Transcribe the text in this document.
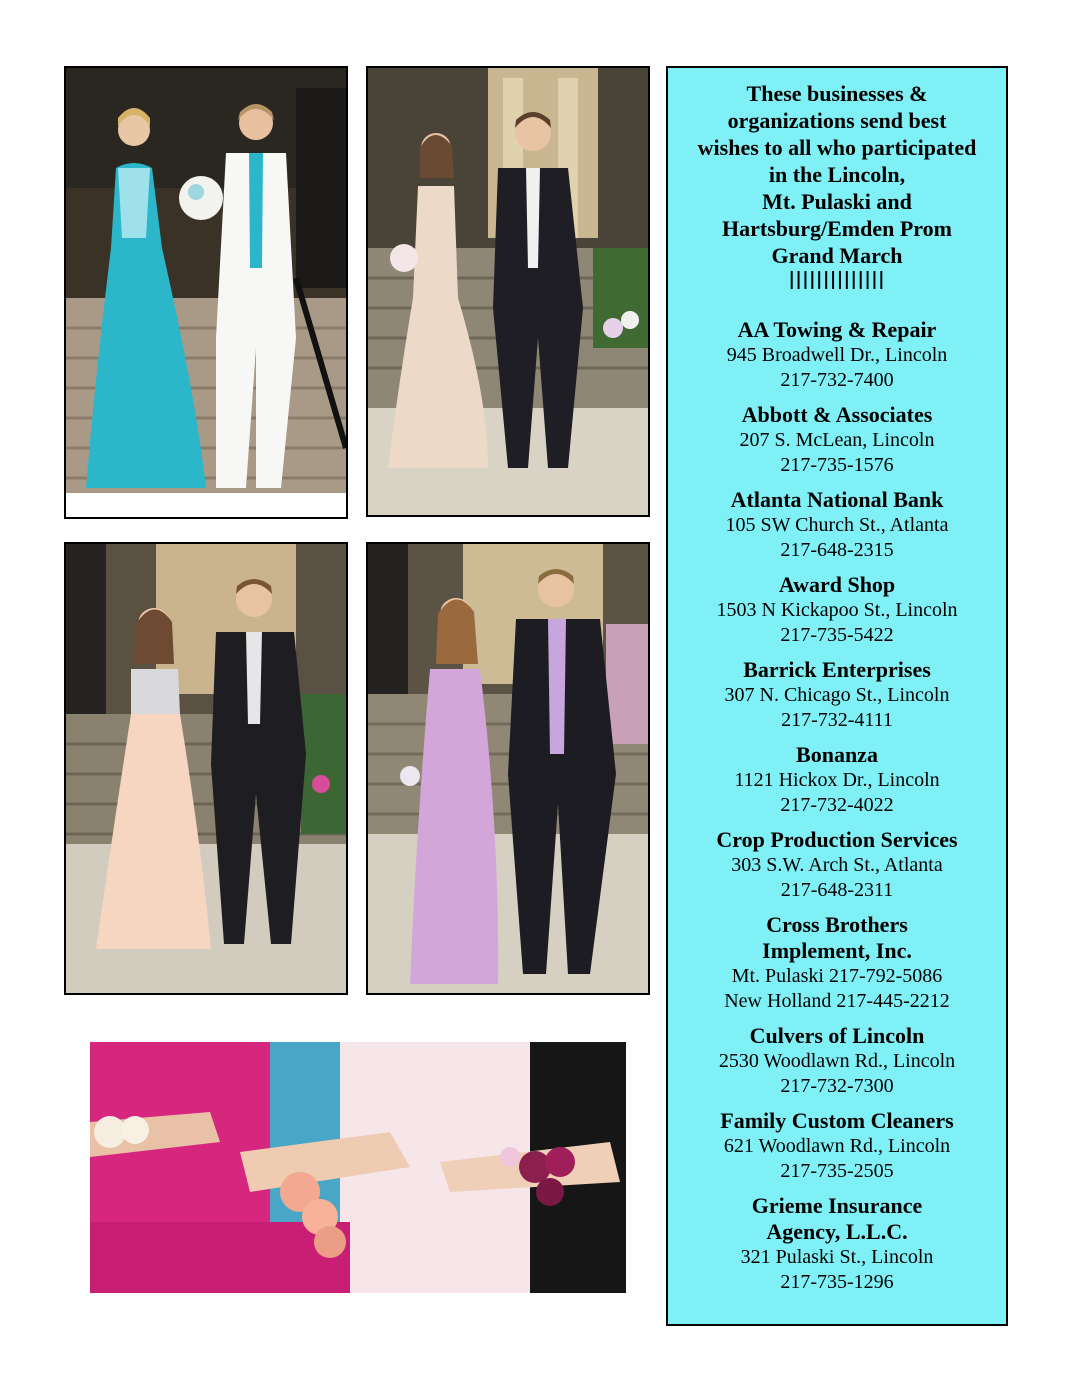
These businesses &
organizations send best
wishes to all who participated
in the Lincoln,
Mt. Pulaski and
Hartsburg/Emden Prom
Grand March
ꟾꟾꟾꟾꟾꟾꟾꟾꟾꟾꟾꟾꟾꟾ
AA Towing & Repair
945 Broadwell Dr., Lincoln
217-732-7400
Abbott & Associates
207 S. McLean, Lincoln
217-735-1576
Atlanta National Bank
105 SW Church St., Atlanta
217-648-2315
Award Shop
1503 N Kickapoo St., Lincoln
217-735-5422
Barrick Enterprises
307 N. Chicago St., Lincoln
217-732-4111
Bonanza
1121 Hickox Dr., Lincoln
217-732-4022
Crop Production Services
303 S.W. Arch St., Atlanta
217-648-2311
Cross Brothers
Implement, Inc.
Mt. Pulaski 217-792-5086
New Holland 217-445-2212
Culvers of Lincoln
2530 Woodlawn Rd., Lincoln
217-732-7300
Family Custom Cleaners
621 Woodlawn Rd., Lincoln
217-735-2505
Grieme Insurance
Agency, L.L.C.
321 Pulaski St., Lincoln
217-735-1296
